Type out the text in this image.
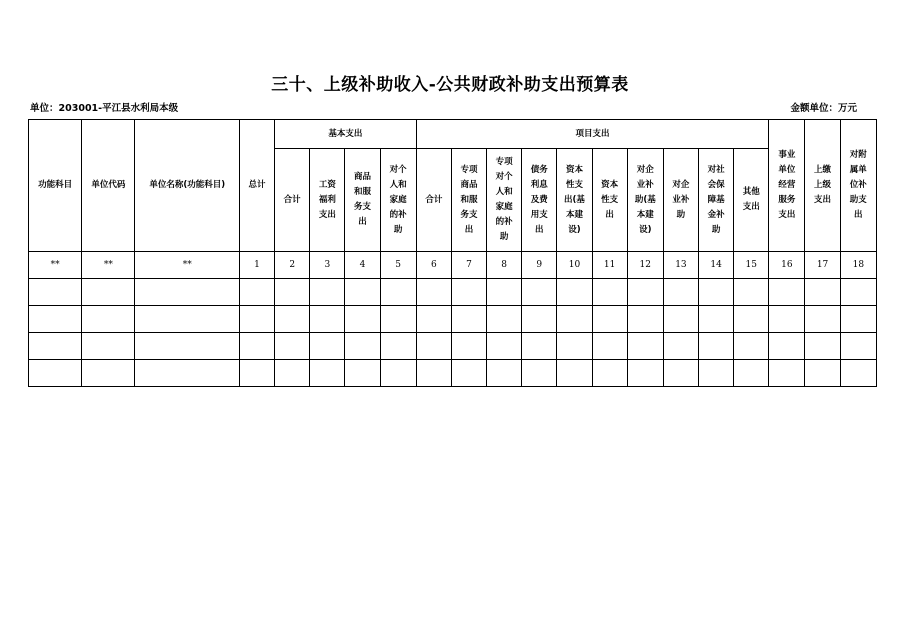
三十、上级补助收入-公共财政补助支出预算表
单位：203001-平江县水利局本级	金额单位：万元
功能科目	单位代码	单位名称(功能科目)	总计	基本支出				项目支出										事业单位经营服务支出	上缴上级支出	对附属单位补助支出
				合计	工资福利支出	商品和服务支出	对个人和家庭的补助	合计	专项商品和服务支出	专项对个人和家庭的补助	债务利息及费用支出	资本性支出(基本建设)	资本性支出	对企业补助(基本建设)	对企业补助	对社会保障基金补助	其他支出			
**	**	**	1	2	3	4	5	6	7	8	9	10	11	12	13	14	15	16	17	18
